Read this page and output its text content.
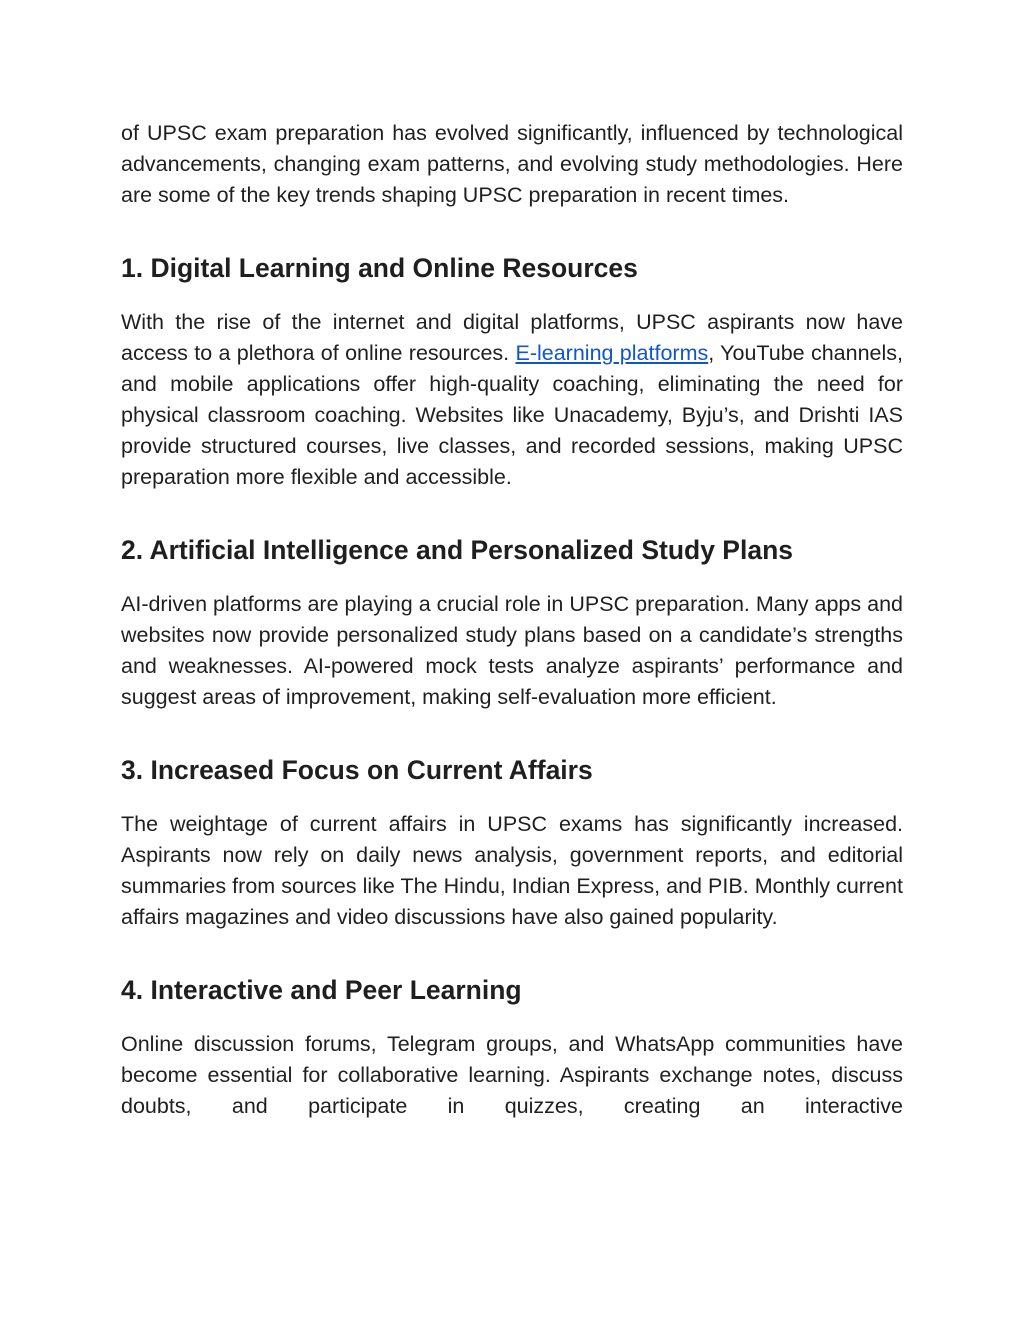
of UPSC exam preparation has evolved significantly, influenced by technological advancements, changing exam patterns, and evolving study methodologies. Here are some of the key trends shaping UPSC preparation in recent times.

1. Digital Learning and Online Resources

With the rise of the internet and digital platforms, UPSC aspirants now have access to a plethora of online resources. E-learning platforms, YouTube channels, and mobile applications offer high-quality coaching, eliminating the need for physical classroom coaching. Websites like Unacademy, Byju’s, and Drishti IAS provide structured courses, live classes, and recorded sessions, making UPSC preparation more flexible and accessible.

2. Artificial Intelligence and Personalized Study Plans

AI-driven platforms are playing a crucial role in UPSC preparation. Many apps and websites now provide personalized study plans based on a candidate’s strengths and weaknesses. AI-powered mock tests analyze aspirants’ performance and suggest areas of improvement, making self-evaluation more efficient.

3. Increased Focus on Current Affairs

The weightage of current affairs in UPSC exams has significantly increased. Aspirants now rely on daily news analysis, government reports, and editorial summaries from sources like The Hindu, Indian Express, and PIB. Monthly current affairs magazines and video discussions have also gained popularity.

4. Interactive and Peer Learning

Online discussion forums, Telegram groups, and WhatsApp communities have become essential for collaborative learning. Aspirants exchange notes, discuss doubts, and participate in quizzes, creating an interactive
